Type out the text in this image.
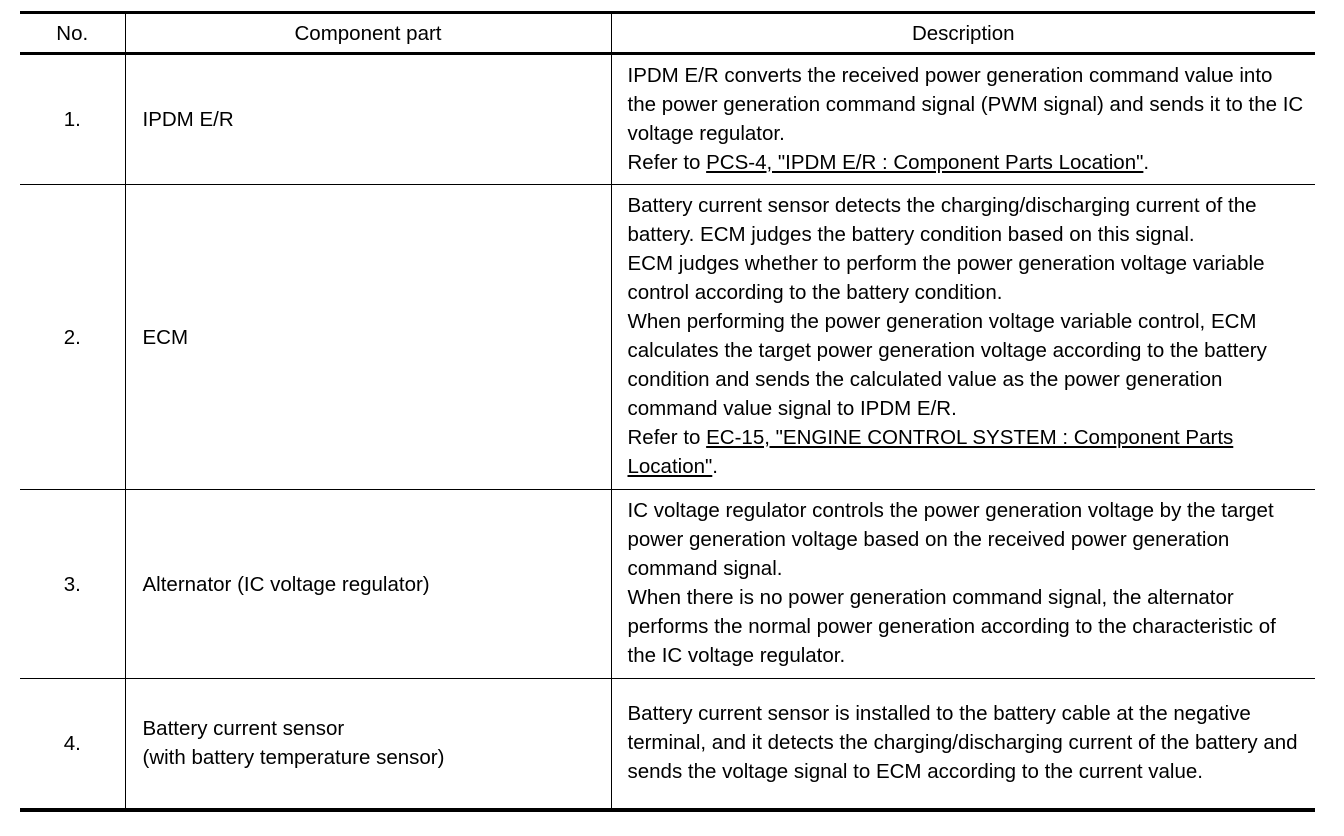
No.	Component part	Description
1.	IPDM E/R	IPDM E/R converts the received power generation command value into the power generation command signal (PWM signal) and sends it to the IC voltage regulator.
Refer to PCS-4, "IPDM E/R : Component Parts Location".

2.	ECM	Battery current sensor detects the charging/discharging current of the battery. ECM judges the battery condition based on this signal.
ECM judges whether to perform the power generation voltage variable control according to the battery condition.
When performing the power generation voltage variable control, ECM calculates the target power generation voltage according to the battery condition and sends the calculated value as the power generation command value signal to IPDM E/R.
Refer to EC-15, "ENGINE CONTROL SYSTEM : Component Parts Location".

3.	Alternator (IC voltage regulator)	IC voltage regulator controls the power generation voltage by the target power generation voltage based on the received power generation command signal.
When there is no power generation command signal, the alternator performs the normal power generation according to the characteristic of the IC voltage regulator.

4.	Battery current sensor
(with battery temperature sensor)	Battery current sensor is installed to the battery cable at the negative terminal, and it detects the charging/discharging current of the battery and sends the voltage signal to ECM according to the current value.
